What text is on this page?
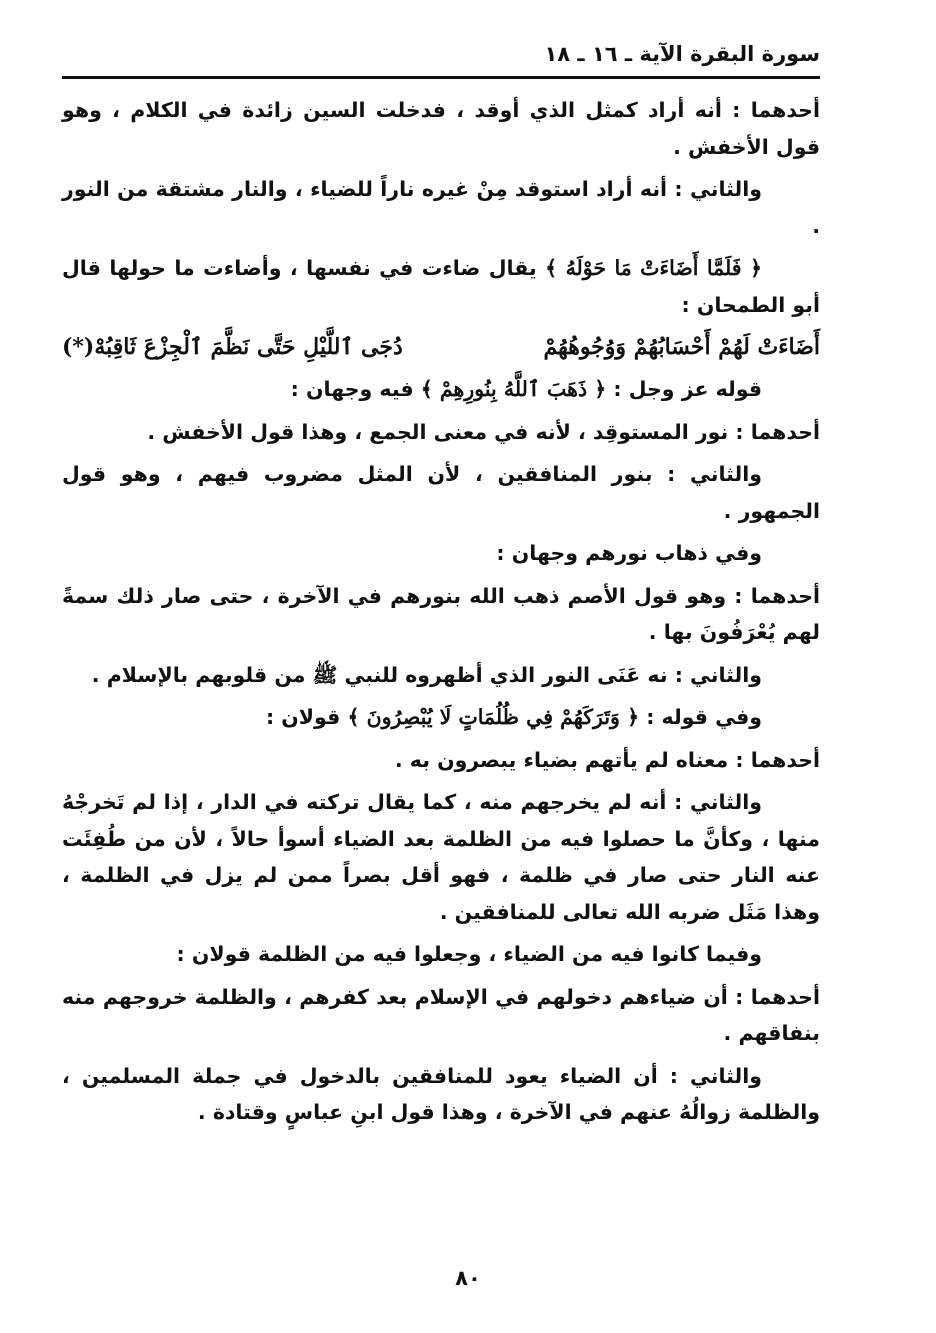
سورة البقرة الآية ـ ١٦ ـ ١٨

أحدهما : أنه أراد كمثل الذي أوقد ، فدخلت السين زائدة في الكلام ، وهو قول الأخفش .

والثاني : أنه أراد استوقد مِنْ غيره ناراً للضياء ، والنار مشتقة من النور .

﴿ فَلَمَّا أَضَاءَتْ مَا حَوْلَهُ ﴾ يقال ضاءت في نفسها ، وأضاءت ما حولها قال أبو الطمحان :

أَضَاءَتْ لَهُمْ أَحْسَابُهُمْ وَوُجُوهُهُمْ
دُجَى ٱللَّيْلِ حَتَّى نَظَّمَ ٱلْجِزْعَ ثَاقِبُهْ(*)

قوله عز وجل : ﴿ ذَهَبَ ٱللَّهُ بِنُورِهِمْ ﴾ فيه وجهان :

أحدهما : نور المستوقِد ، لأنه في معنى الجمع ، وهذا قول الأخفش .

والثاني : بنور المنافقين ، لأن المثل مضروب فيهم ، وهو قول الجمهور .

وفي ذهاب نورهم وجهان :

أحدهما : وهو قول الأصم ذهب الله بنورهم في الآخرة ، حتى صار ذلك سمةً لهم يُعْرَفُونَ بها .

والثاني : نه عَنَى النور الذي أظهروه للنبي ﷺ من قلوبهم بالإسلام .

وفي قوله : ﴿ وَتَرَكَهُمْ فِي ظُلُمَاتٍ لَا يُبْصِرُونَ ﴾ قولان :

أحدهما : معناه لم يأتهم بضياء يبصرون به .

والثاني : أنه لم يخرجهم منه ، كما يقال تركته في الدار ، إذا لم تَخرجْهُ منها ، وكأنَّ ما حصلوا فيه من الظلمة بعد الضياء أسوأ حالاً ، لأن من طُفِئَت عنه النار حتى صار في ظلمة ، فهو أقل بصراً ممن لم يزل في الظلمة ، وهذا مَثَل ضربه الله تعالى للمنافقين .

وفيما كانوا فيه من الضياء ، وجعلوا فيه من الظلمة قولان :

أحدهما : أن ضياءهم دخولهم في الإسلام بعد كفرهم ، والظلمة خروجهم منه بنفاقهم .

والثاني : أن الضياء يعود للمنافقين بالدخول في جملة المسلمين ، والظلمة زوالُهُ عنهم في الآخرة ، وهذا قول ابنِ عباسٍ وقتادة .

٨٠
